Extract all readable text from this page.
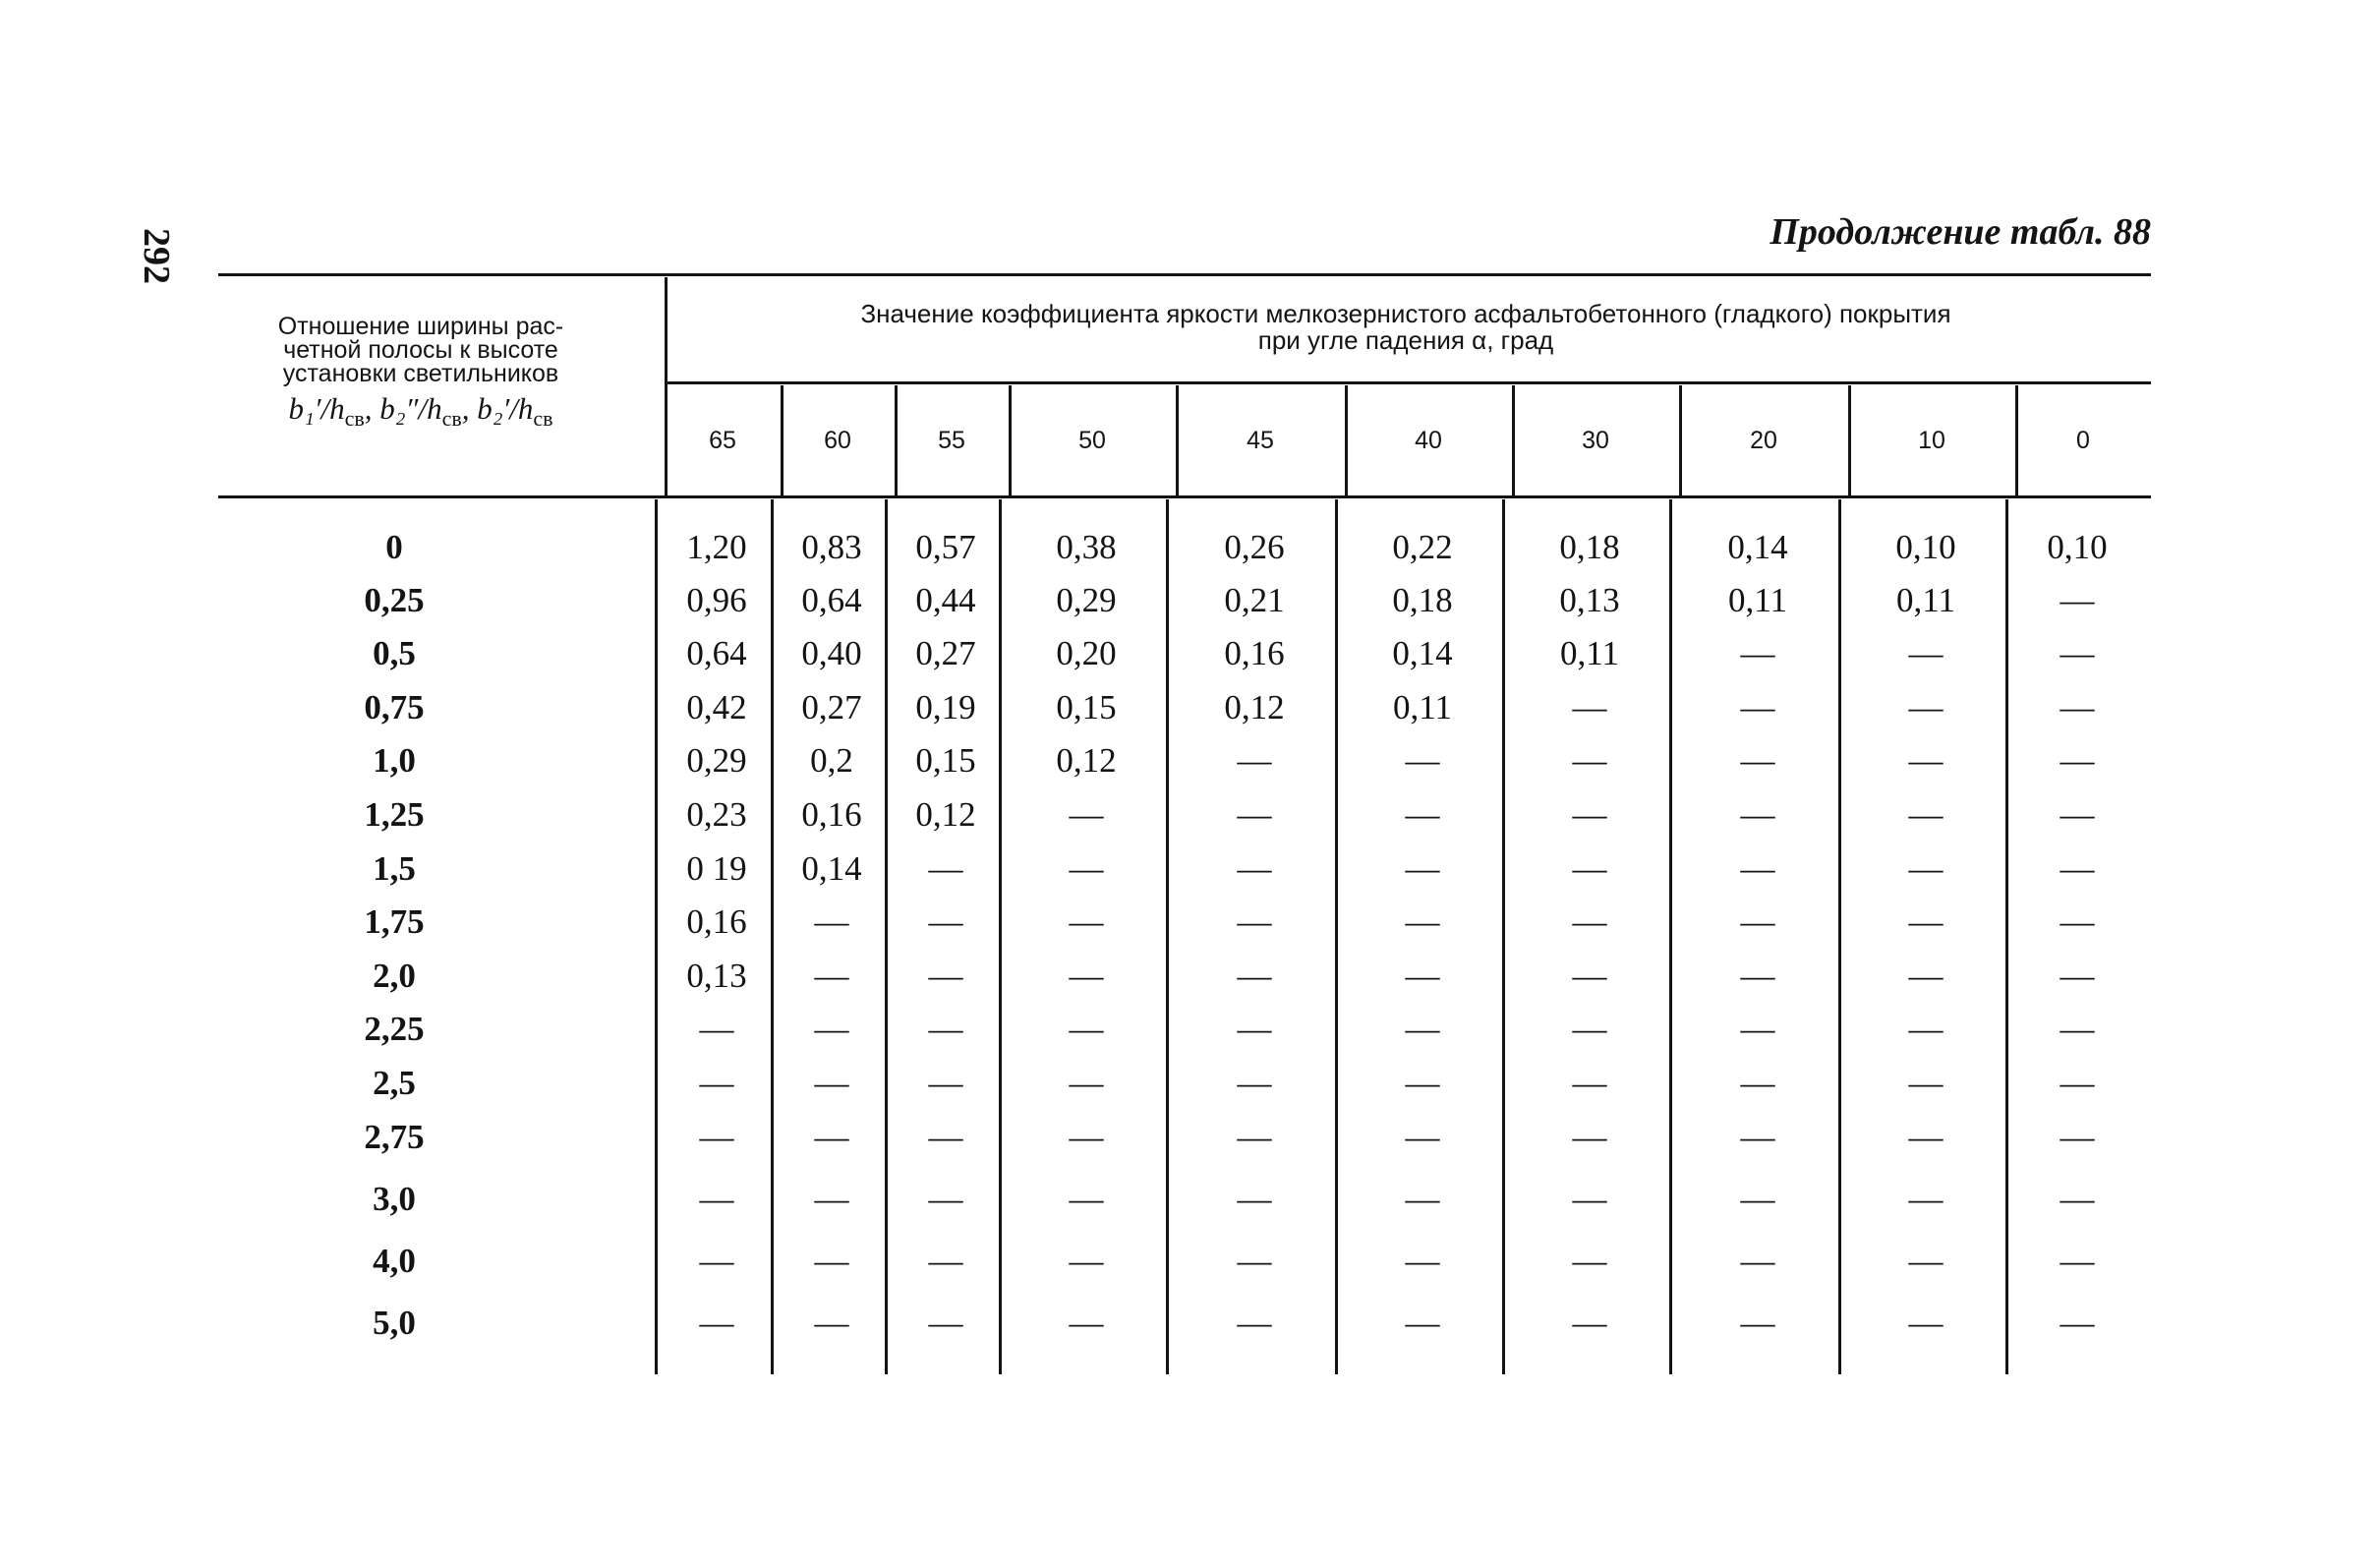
292	Продолжение табл. 88
Отношение ширины рас-
четной полосы к высоте
установки светильников
$b_1'/h_{св}$, $b_2''/h_{св}$, $b_2'/h_{св}$
Значение коэффициента яркости мелкозернистого асфальтобетонного (гладкого) покрытия
при угле падения α, град
65	60	55	50	45	40	30	20	10	0
0	1,20	0,83	0,57	0,38	0,26	0,22	0,18	0,14	0,10	0,10
0,25	0,96	0,64	0,44	0,29	0,21	0,18	0,13	0,11	0,11	—
0,5	0,64	0,40	0,27	0,20	0,16	0,14	0,11	—	—	—
0,75	0,42	0,27	0,19	0,15	0,12	0,11	—	—	—	—
1,0	0,29	0,2	0,15	0,12	—	—	—	—	—	—
1,25	0,23	0,16	0,12	—	—	—	—	—	—	—
1,5	0 19	0,14	—	—	—	—	—	—	—	—
1,75	0,16	—	—	—	—	—	—	—	—	—
2,0	0,13	—	—	—	—	—	—	—	—	—
2,25	—	—	—	—	—	—	—	—	—	—
2,5	—	—	—	—	—	—	—	—	—	—
2,75	—	—	—	—	—	—	—	—	—	—
3,0	—	—	—	—	—	—	—	—	—	—
4,0	—	—	—	—	—	—	—	—	—	—
5,0	—	—	—	—	—	—	—	—	—	—
